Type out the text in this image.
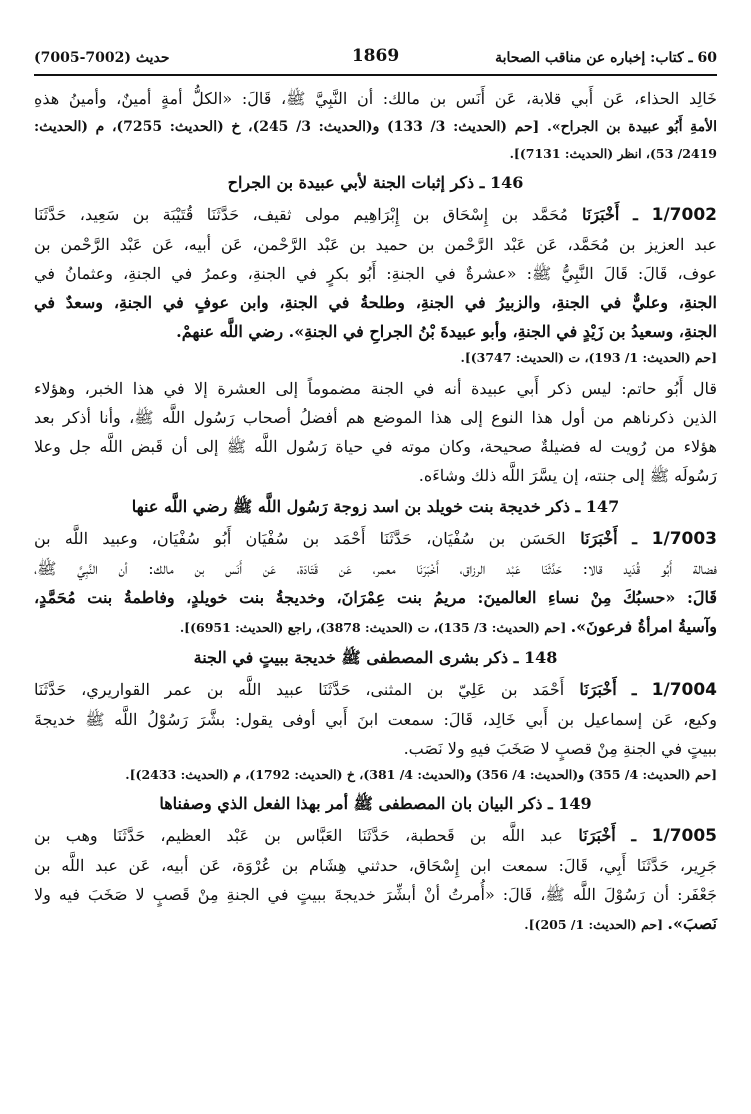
60 ـ كتاب: إخباره عن مناقب الصحابة
1869
حديث (7002-7005)

خَالِد الحذاء، عَن أَبي قلابة، عَن أَنَس بن مالك: أن النَّبِيَّ ﷺ، قَالَ: «الكلُّ أمةٍ أمينٌ، وأمينُ هذهِ

الأمةِ أَبُو عبيدة بن الجراح». [حم (الحديث: 3/ 133) و(الحديث: 3/ 245)، خ (الحديث: 7255)، م (الحديث:

2419/ 53)، انظر (الحديث: 7131)].

146 ـ ذكر إثبات الجنة لأبي عبيدة بن الجراح

1/7002 ـ أَخْبَرَنَا مُحَمَّد بن إِسْحَاق بن إِبْرَاهِيم مولى ثقيف، حَدَّثَنَا قُتَيْبَة بن سَعِيد، حَدَّثَنَا

عبد العزيز بن مُحَمَّد، عَن عَبْد الرَّحْمن بن حميد بن عَبْد الرَّحْمن، عَن أبيه، عَن عَبْد الرَّحْمن بن

عوف، قَالَ: قَالَ النَّبِيُّ ﷺ: «عشرةٌ في الجنةِ: أَبُو بكرٍ في الجنةِ، وعمرُ في الجنةِ، وعثمانُ في

الجنةِ، وعليٌّ في الجنةِ، والزبيرُ في الجنةِ، وطلحةُ في الجنةِ، وابن عوفٍ في الجنةِ، وسعدٌ في

الجنةِ، وسعيدُ بن زَيْدٍ في الجنةِ، وأبو عبيدةَ بْنُ الجراحِ في الجنةِ». رضي اللَّه عنهمْ.

[حم (الحديث: 1/ 193)، ت (الحديث: 3747)].

قال أَبُو حاتم: ليس ذكر أَبي عبيدة أنه في الجنة مضموماً إلى العشرة إلا في هذا الخبر، وهؤلاء

الذين ذكرناهم من أول هذا النوع إلى هذا الموضع هم أفضلُ أصحاب رَسُول اللَّه ﷺ، وأنا أذكر بعد

هؤلاء من رُويت له فضيلةٌ صحيحة، وكان موته في حياة رَسُول اللَّه ﷺ إلى أن قَبض اللَّه جل وعلا

رَسُولَه ﷺ إلى جنته، إن يسَّرَ اللَّه ذلك وشاءَه.

147 ـ ذكر خديجة بنت خويلد بن اسد زوجة رَسُول اللَّه ﷺ رضي اللَّه عنها

1/7003 ـ أَخْبَرَنَا الحَسَن بن سُفْيَان، حَدَّثَنَا أَحْمَد بن سُفْيَان أَبُو سُفْيَان، وعبيد اللَّه بن

فضالة أَبُو قُدَيد قالا: حَدَّثَنَا عَبْد الرزاق، أَخْبَرَنَا معمر، عَن قَتَادَة، عَن أَنَس بن مالك: أن النَّبِيَّ ﷺ،

قَالَ: «حسبُكَ مِنْ نساءِ العالمينَ: مريمُ بنت عِمْرَانَ، وخديجةُ بنت خويلدٍ، وفاطمةُ بنت مُحَمَّدٍ،

وآسيةُ امرأةُ فرعونَ». [حم (الحديث: 3/ 135)، ت (الحديث: 3878)، راجع (الحديث: 6951)].

148 ـ ذكر بشرى المصطفى ﷺ خديجة ببيتٍ في الجنة

1/7004 ـ أَخْبَرَنَا أَحْمَد بن عَلِيّ بن المثنى، حَدَّثَنَا عبيد اللَّه بن عمر القواريري، حَدَّثَنَا

وكيع، عَن إسماعيل بن أَبي خَالِد، قَالَ: سمعت ابنَ أَبي أوفى يقول: بشَّرَ رَسُوْلُ اللَّه ﷺ خديجةَ

ببيتٍ في الجنةِ مِنْ قصبٍ لا صَخَبَ فيهِ ولا نَصَب.

[حم (الحديث: 4/ 355) و(الحديث: 4/ 356) و(الحديث: 4/ 381)، خ (الحديث: 1792)، م (الحديث: 2433)].

149 ـ ذكر البيان بان المصطفى ﷺ أمر بهذا الفعل الذي وصفناها

1/7005 ـ أَخْبَرَنَا عبد اللَّه بن قَحطبة، حَدَّثَنَا العَبَّاس بن عَبْد العظيم، حَدَّثَنَا وهب بن

جَرِير، حَدَّثَنَا أَبِي، قَالَ: سمعت ابن إِسْحَاق، حدثني هِشَام بن عُرْوَة، عَن أبيه، عَن عبد اللَّه بن

جَعْفَر: أن رَسُوْلَ اللَّه ﷺ، قَالَ: «أُمرتُ أنْ أبشِّرَ خديجةَ ببيتٍ في الجنةِ مِنْ قَصبٍ لا صَخَبَ فيه ولا

نَصبَ». [حم (الحديث: 1/ 205)].
